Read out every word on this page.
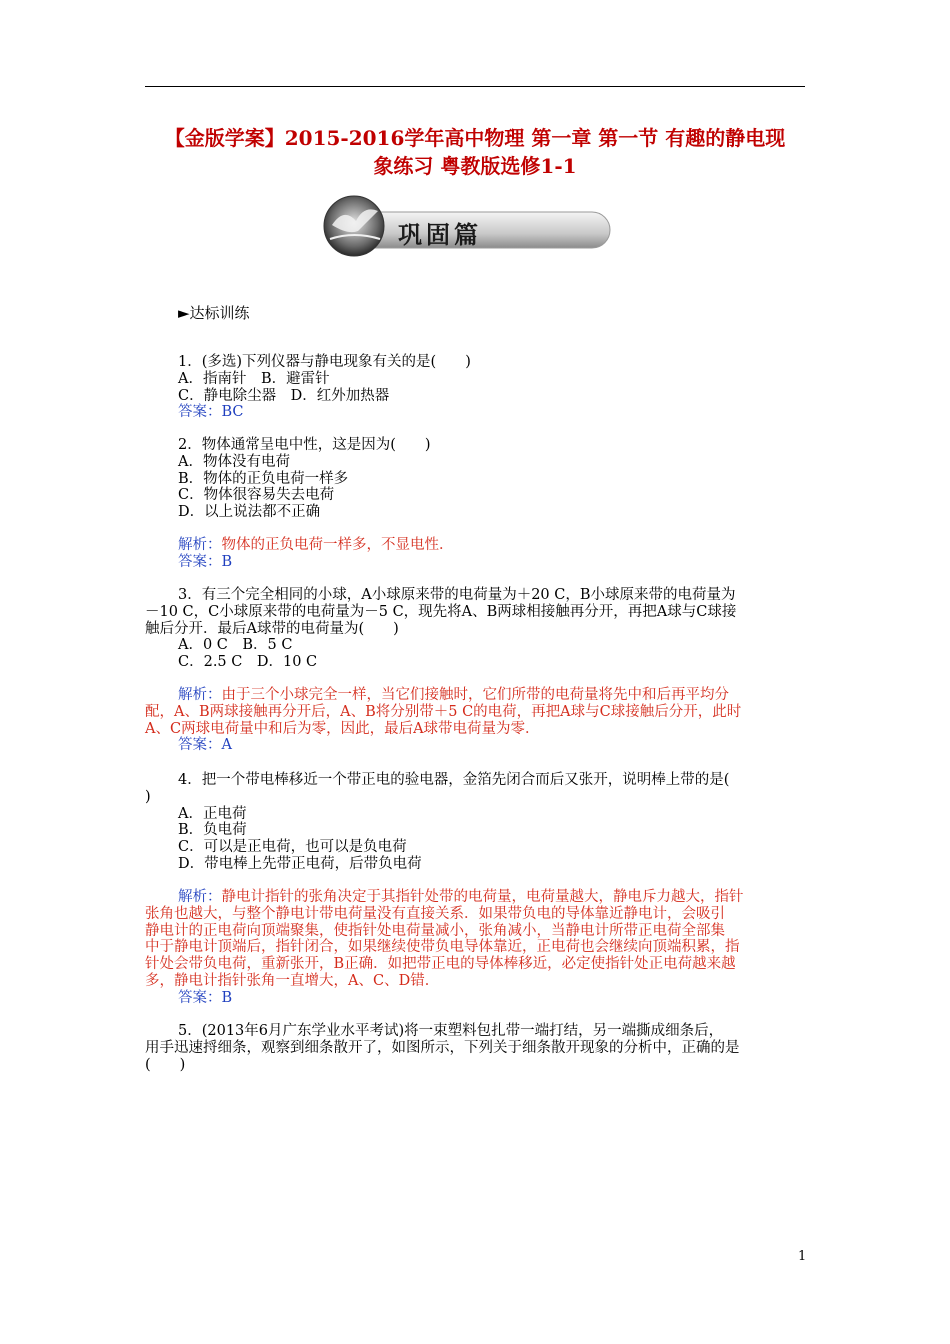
【金版学案】2015-2016学年高中物理 第一章 第一节 有趣的静电现
象练习 粤教版选修1-1
巩固篇
►达标训练
1．(多选)下列仪器与静电现象有关的是(　　)
A．指南针　B．避雷针
C．静电除尘器　D．红外加热器
答案：BC
2．物体通常呈电中性，这是因为(　　)
A．物体没有电荷
B．物体的正负电荷一样多
C．物体很容易失去电荷
D．以上说法都不正确
解析：物体的正负电荷一样多，不显电性．
答案：B
3．有三个完全相同的小球，A小球原来带的电荷量为＋20 C，B小球原来带的电荷量为
－10 C，C小球原来带的电荷量为－5 C，现先将A、B两球相接触再分开，再把A球与C球接
触后分开．最后A球带的电荷量为(　　)
A．0 C　B．5 C
C．2.5 C　D．10 C
解析：由于三个小球完全一样，当它们接触时，它们所带的电荷量将先中和后再平均分
配，A、B两球接触再分开后，A、B将分别带＋5 C的电荷，再把A球与C球接触后分开，此时
A、C两球电荷量中和后为零，因此，最后A球带电荷量为零．
答案：A
4．把一个带电棒移近一个带正电的验电器，金箔先闭合而后又张开，说明棒上带的是(
)
A．正电荷
B．负电荷
C．可以是正电荷，也可以是负电荷
D．带电棒上先带正电荷，后带负电荷
解析：静电计指针的张角决定于其指针处带的电荷量，电荷量越大，静电斥力越大，指针
张角也越大，与整个静电计带电荷量没有直接关系．如果带负电的导体靠近静电计，会吸引
静电计的正电荷向顶端聚集，使指针处电荷量减小，张角减小，当静电计所带正电荷全部集
中于静电计顶端后，指针闭合，如果继续使带负电导体靠近，正电荷也会继续向顶端积累，指
针处会带负电荷，重新张开，B正确．如把带正电的导体棒移近，必定使指针处正电荷越来越
多，静电计指针张角一直增大，A、C、D错．
答案：B
5．(2013年6月广东学业水平考试)将一束塑料包扎带一端打结，另一端撕成细条后，
用手迅速捋细条，观察到细条散开了，如图所示，下列关于细条散开现象的分析中，正确的是
(　　)
1
